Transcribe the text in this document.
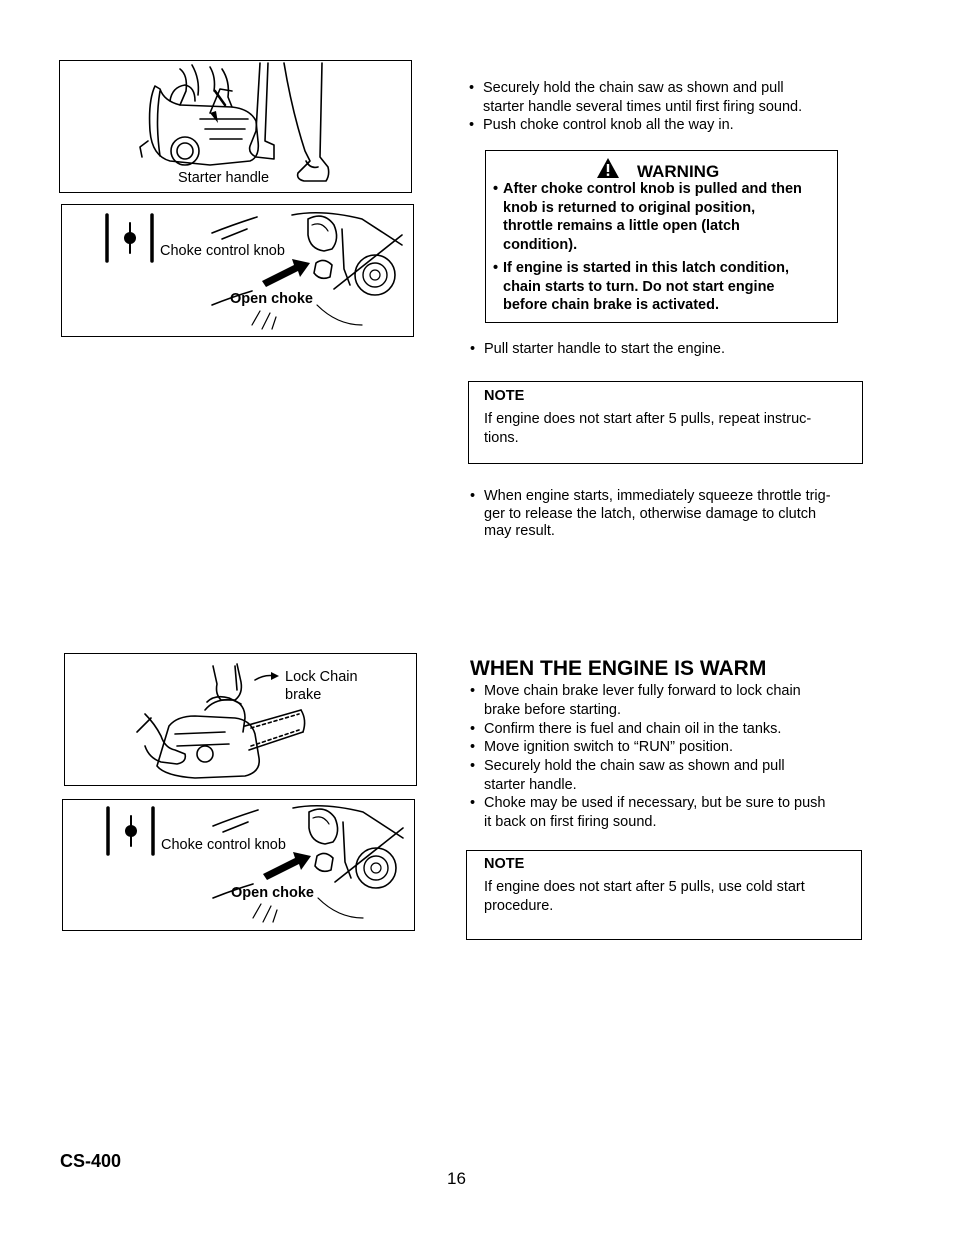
Starter handle
Choke control knob
Open choke
Lock Chain
brake
Choke control knob
Open choke
• Securely hold the chain saw as shown and pull
starter handle several times until first firing sound.
• Push choke control knob all the way in.
WARNING
• After choke control knob is pulled and then
knob is returned to original position,
throttle remains a little open (latch
condition).
• If engine is started in this latch condition,
chain starts to turn. Do not start engine
before chain brake is activated.
• Pull starter handle to start the engine.
NOTE
If engine does not start after 5 pulls, repeat instruc-
tions.
• When engine starts, immediately squeeze throttle trig-
ger to release the latch, otherwise damage to clutch
may result.
WHEN THE ENGINE IS WARM
• Move chain brake lever fully forward to lock chain
brake before starting.
• Confirm there is fuel and chain oil in the tanks.
• Move ignition switch to “RUN” position.
• Securely hold the chain saw as shown and pull
starter handle.
• Choke may be used if necessary, but be sure to push
it back on first firing sound.
NOTE
If engine does not start after 5 pulls, use cold start
procedure.
CS-400
16
